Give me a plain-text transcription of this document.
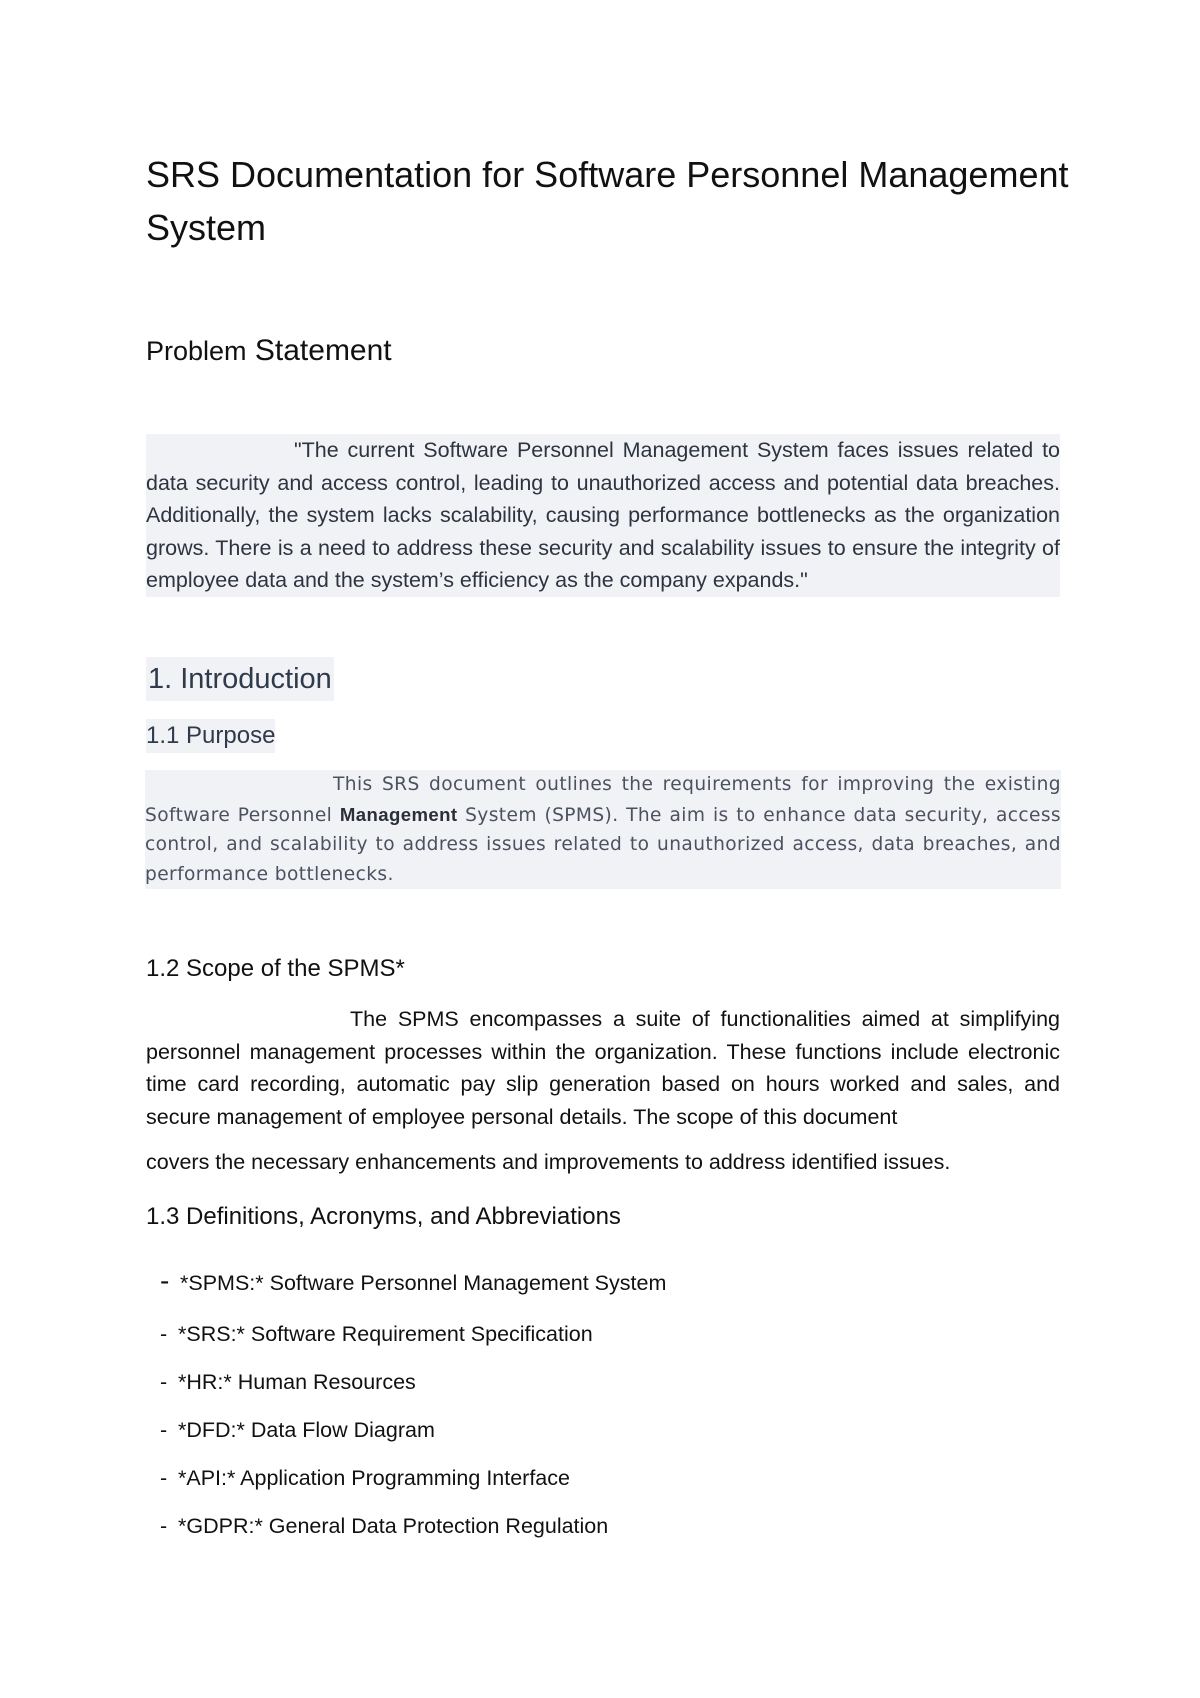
SRS Documentation for Software Personnel Management System
Problem Statement

"The current Software Personnel Management System faces issues related to data security and access control, leading to unauthorized access and potential data breaches. Additionally, the system lacks scalability, causing performance bottlenecks as the organization grows. There is a need to address these security and scalability issues to ensure the integrity of employee data and the system’s efficiency as the company expands."

1. Introduction
1.1 Purpose

This SRS document outlines the requirements for improving the existing Software Personnel Management System (SPMS). The aim is to enhance data security, access control, and scalability to address issues related to unauthorized access, data breaches, and performance bottlenecks.

1.2 Scope of the SPMS*

The SPMS encompasses a suite of functionalities aimed at simplifying personnel management processes within the organization. These functions include electronic time card recording, automatic pay slip generation based on hours worked and sales, and secure management of employee personal details. The scope of this document

covers the necessary enhancements and improvements to address identified issues.
1.3 Definitions, Acronyms, and Abbreviations
- *SPMS:* Software Personnel Management System
- *SRS:* Software Requirement Specification
- *HR:* Human Resources
- *DFD:* Data Flow Diagram
- *API:* Application Programming Interface
- *GDPR:* General Data Protection Regulation
